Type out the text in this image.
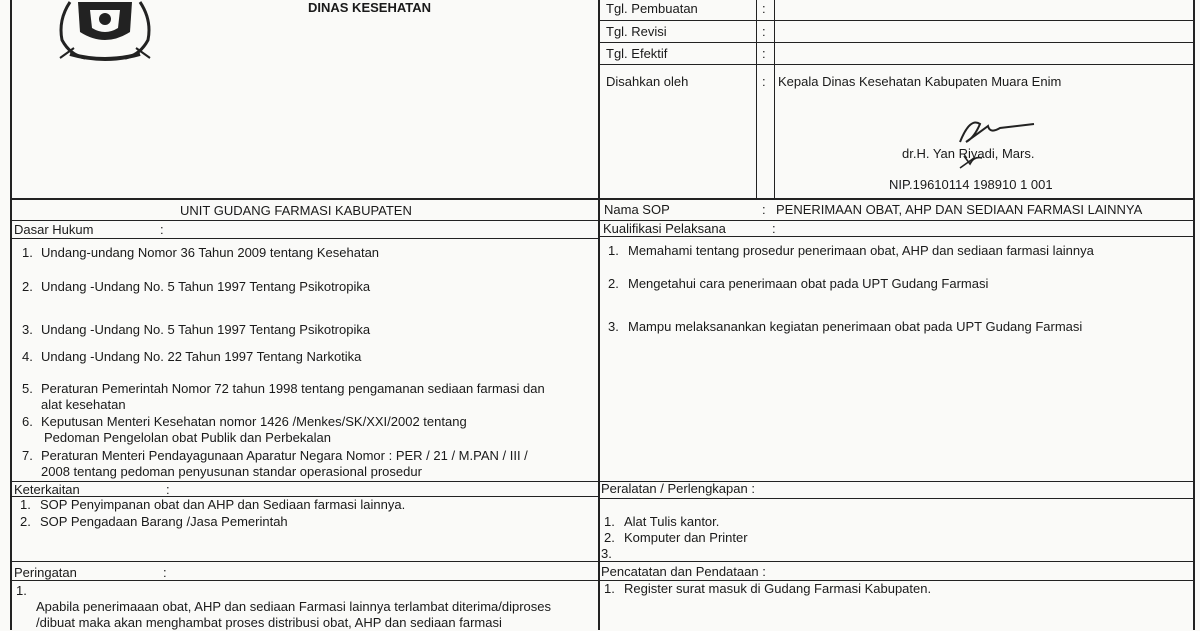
DINAS KESEHATAN	Tgl. Pembuatan	:
Tgl. Revisi	:
Tgl. Efektif	:
Disahkan oleh	: Kepala Dinas Kesehatan Kabupaten Muara Enim
dr.H. Yan Riyadi, Mars.
NIP.19610114 198910 1 001
UNIT GUDANG FARMASI KABUPATEN	Nama SOP	: PENERIMAAN OBAT, AHP DAN SEDIAAN FARMASI LAINNYA
Dasar Hukum	:
1. Undang-undang Nomor 36 Tahun 2009 tentang Kesehatan
2. Undang -Undang No. 5 Tahun 1997 Tentang Psikotropika
3. Undang -Undang No. 5 Tahun 1997 Tentang Psikotropika
4. Undang -Undang No. 22 Tahun 1997 Tentang Narkotika
5. Peraturan Pemerintah Nomor 72 tahun 1998 tentang pengamanan sediaan farmasi dan
alat kesehatan
6. Keputusan Menteri Kesehatan nomor 1426 /Menkes/SK/XXI/2002 tentang
Pedoman Pengelolan obat Publik dan Perbekalan
7. Peraturan Menteri Pendayagunaan Aparatur Negara Nomor : PER / 21 / M.PAN / III /
2008 tentang pedoman penyusunan standar operasional prosedur
Kualifikasi Pelaksana	:
1. Memahami tentang prosedur penerimaan obat, AHP dan sediaan farmasi lainnya
2. Mengetahui cara penerimaan obat pada UPT Gudang Farmasi
3. Mampu melaksanankan kegiatan penerimaan obat pada UPT Gudang Farmasi
Keterkaitan	:
1. SOP Penyimpanan obat dan AHP dan Sediaan farmasi lainnya.
2. SOP Pengadaan Barang /Jasa Pemerintah
Peralatan / Perlengkapan :
1. Alat Tulis kantor.
2. Komputer dan Printer
3.
Peringatan	:
1.
Apabila penerimaaan obat, AHP dan sediaan Farmasi lainnya terlambat diterima/diproses
/dibuat maka akan menghambat proses distribusi obat, AHP dan sediaan farmasi
Pencatatan dan Pendataan :
1. Register surat masuk di Gudang Farmasi Kabupaten.
